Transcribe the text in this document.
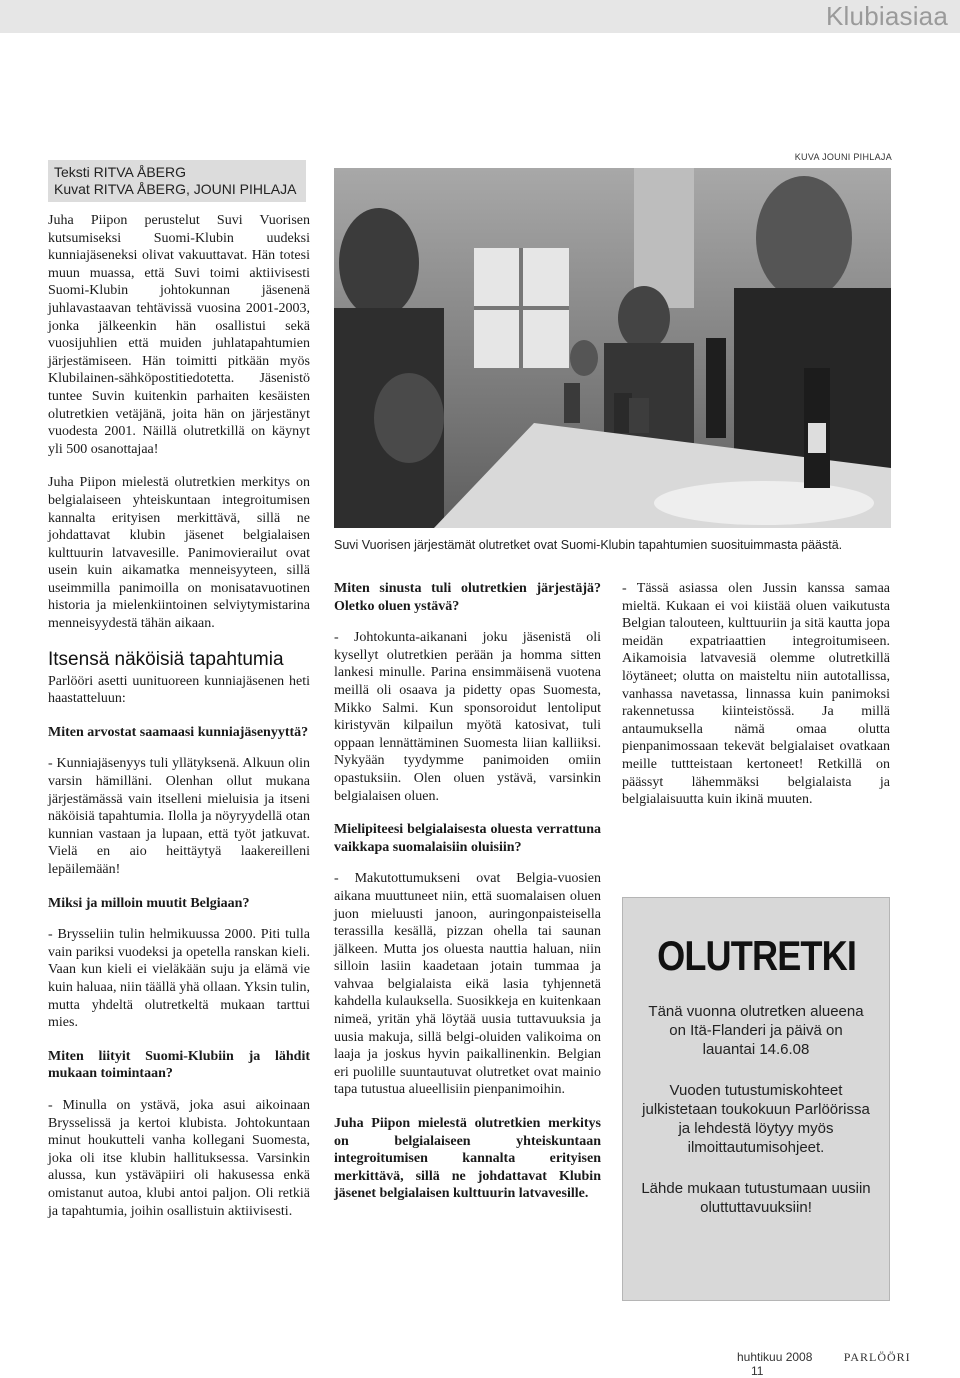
Klubiasiaa
Teksti RITVA ÅBERG
Kuvat RITVA ÅBERG, JOUNI PIHLAJA

Juha Piipon perustelut Suvi Vuorisen kutsumiseksi Suomi-Klubin uudeksi kunniajäseneksi olivat vakuuttavat. Hän totesi muun muassa, että Suvi toimi aktiivisesti Suomi-Klubin johtokunnan jäsenenä juhlavastaavan tehtävissä vuosina 2001-2003, jonka jälkeenkin hän osallistui sekä vuosijuhlien että muiden juhlatapahtumien järjestämiseen. Hän toimitti pitkään myös Klubilainen-sähköpostitiedotetta. Jäsenistö tuntee Suvin kuitenkin parhaiten kesäisten olutretkien vetäjänä, joita hän on järjestänyt vuodesta 2001. Näillä olutretkillä on käynyt yli 500 osanottajaa!

Juha Piipon mielestä olutretkien merkitys on belgialaiseen yhteiskuntaan integroitumisen kannalta erityisen merkittävä, sillä ne johdattavat klubin jäsenet belgialaisen kulttuurin latvavesille. Panimovierailut ovat usein kuin aikamatka menneisyyteen, sillä useimmilla panimoilla on monisatavuotinen historia ja mielenkiintoinen selviytymistarina menneisyydestä tähän aikaan.

Itsensä näköisiä tapahtumia

Parlööri asetti uunituoreen kunniajäsenen heti haastatteluun:

Miten arvostat saamaasi kunniajäsenyyttä?

- Kunniajäsenyys tuli yllätyksenä. Alkuun olin varsin hämilläni. Olenhan ollut mukana järjestämässä vain itselleni mieluisia ja itseni näköisiä tapahtumia. Ilolla ja nöyryydellä otan kunnian vastaan ja lupaan, että työt jatkuvat. Vielä en aio heittäytyä laakereilleni lepäilemään!

Miksi ja milloin muutit Belgiaan?

- Brysseliin tulin helmikuussa 2000. Piti tulla vain pariksi vuodeksi ja opetella ranskan kieli. Vaan kun kieli ei vieläkään suju ja elämä vie kuin haluaa, niin täällä yhä ollaan. Yksin tulin, mutta yhdeltä olutretkeltä mukaan tarttui mies.

Miten liityit Suomi-Klubiin ja lähdit mukaan toimintaan?

- Minulla on ystävä, joka asui aikoinaan Brysselissä ja kertoi klubista. Johtokuntaan minut houkutteli vanha kollegani Suomesta, joka oli itse klubin hallituksessa. Varsinkin alussa, kun ystäväpiiri oli hakusessa enkä omistanut autoa, klubi antoi paljon. Oli retkiä ja tapahtumia, joihin osallistuin aktiivisesti.

KUVA JOUNI PIHLAJA
Suvi Vuorisen järjestämät olutretket ovat Suomi-Klubin tapahtumien suosituimmasta päästä.

Miten sinusta tuli olutretkien järjestäjä? Oletko oluen ystävä?

- Johtokunta-aikanani joku jäsenistä oli kysellyt olutretkien perään ja homma sitten lankesi minulle. Parina ensimmäisenä vuotena meillä oli osaava ja pidetty opas Suomesta, Mikko Salmi. Kun sponsoroidut lentoliput kiristyvän kilpailun myötä katosivat, tuli oppaan lennättäminen Suomesta liian kalliiksi. Nykyään tyydymme panimoiden omiin opastuksiin. Olen oluen ystävä, varsinkin belgialaisen oluen.

Mielipiteesi belgialaisesta oluesta verrattuna vaikkapa suomalaisiin oluisiin?

- Makutottumukseni ovat Belgia-vuosien aikana muuttuneet niin, että suomalaisen oluen juon mieluusti janoon, auringonpaisteisella terassilla kesällä, pizzan ohella tai saunan jälkeen. Mutta jos oluesta nauttia haluan, niin silloin lasiin kaadetaan jotain tummaa ja vahvaa belgialaista eikä lasia tyhjennetä kahdella kulauksella. Suosikkeja en kuitenkaan nimeä, yritän yhä löytää uusia tuttavuuksia ja uusia makuja, sillä belgi-oluiden valikoima on laaja ja joskus hyvin paikallinenkin. Belgian eri puolille suuntautuvat olutretket ovat mainio tapa tutustua alueellisiin pienpanimoihin.

Juha Piipon mielestä olutretkien merkitys on belgialaiseen yhteiskuntaan integroitumisen kannalta erityisen merkittävä, sillä ne johdattavat Klubin jäsenet belgialaisen kulttuurin latvavesille.

- Tässä asiassa olen Jussin kanssa samaa mieltä. Kukaan ei voi kiistää oluen vaikutusta Belgian talouteen, kulttuuriin ja sitä kautta jopa meidän expatriaattien integroitumiseen. Aikamoisia latvavesiä olemme olutretkillä löytäneet; olutta on maisteltu niin autotallissa, vanhassa navetassa, linnassa kuin panimoksi rakennetussa kiinteistössä. Ja millä antaumuksella nämä omaa olutta pienpanimossaan tekevät belgialaiset ovatkaan meille tuttteistaan kertoneet! Retkillä on päässyt lähemmäksi belgialaista ja belgialaisuutta kuin ikinä muuten.

OLUTRETKI

Tänä vuonna olutretken alueena on Itä-Flanderi ja päivä on lauantai 14.6.08

Vuoden tutustumiskohteet julkistetaan toukokuun Parlöörissa ja lehdestä löytyy myös ilmoittautumisohjeet.

Lähde mukaan tutustumaan uusiin oluttuttavuuksiin!

huhtikuu 2008	PARLÖÖRI 11
